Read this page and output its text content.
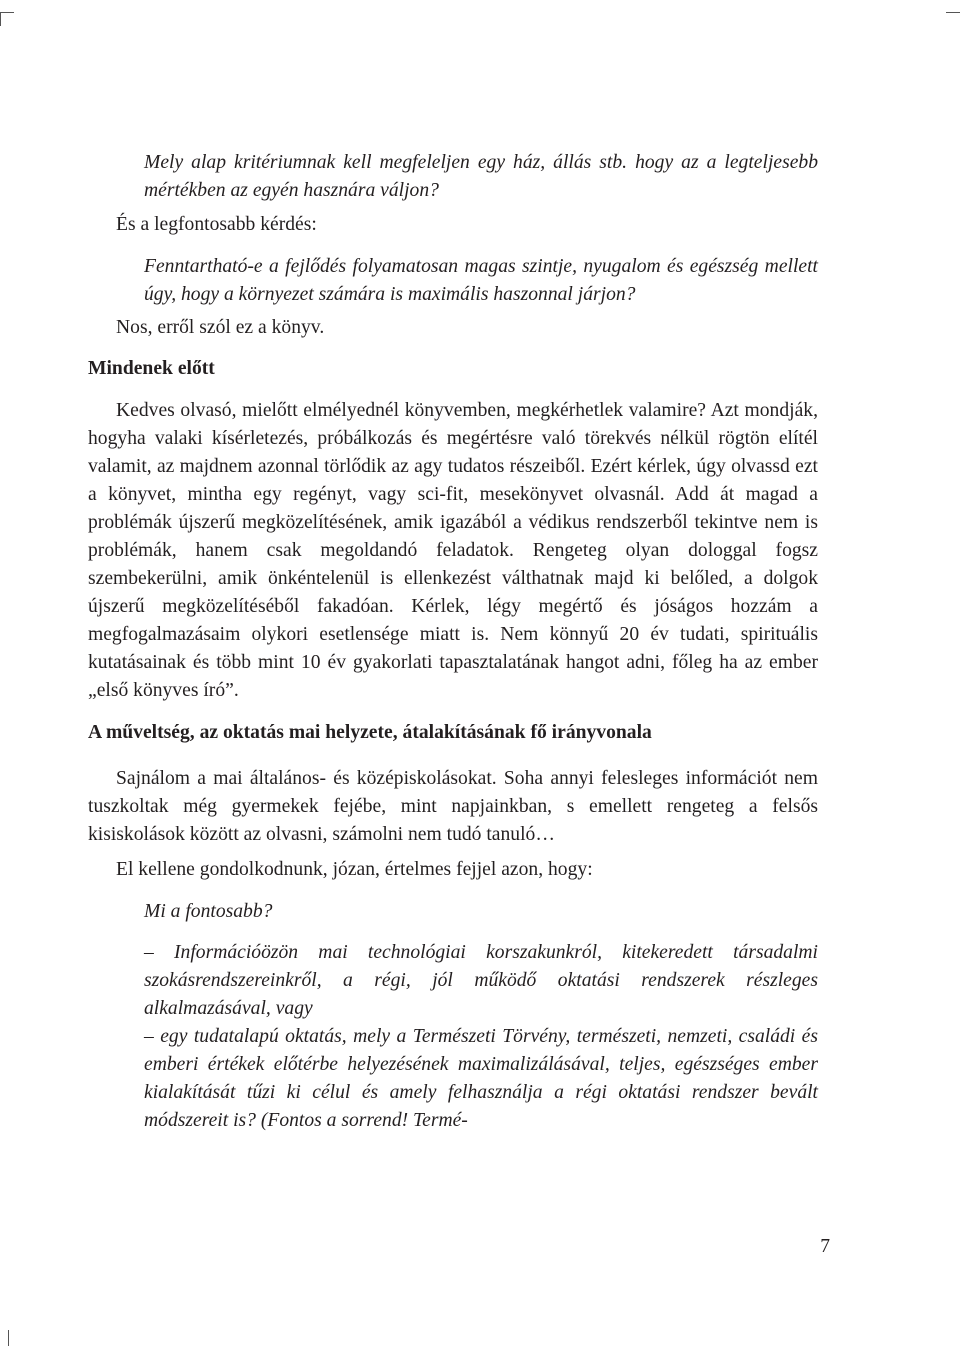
Mely alap kritériumnak kell megfeleljen egy ház, állás stb. hogy az a legteljesebb mértékben az egyén hasznára váljon?

És a legfontosabb kérdés:

Fenntartható-e a fejlődés folyamatosan magas szintje, nyugalom és egészség mellett úgy, hogy a környezet számára is maximális haszonnal járjon?

Nos, erről szól ez a könyv.

Mindenek előtt

Kedves olvasó, mielőtt elmélyednél könyvemben, megkérhetlek valamire? Azt mondják, hogyha valaki kísérletezés, próbálkozás és megértésre való törekvés nélkül rögtön elítél valamit, az majdnem azonnal törlődik az agy tudatos részeiből. Ezért kérlek, úgy olvassd ezt a könyvet, mintha egy regényt, vagy sci-fit, mesekönyvet olvasnál. Add át magad a problémák újszerű megközelítésének, amik igazából a védikus rendszerből tekintve nem is problémák, hanem csak megoldandó feladatok. Rengeteg olyan dologgal fogsz szembekerülni, amik önkéntelenül is ellenkezést válthatnak majd ki belőled, a dolgok újszerű megközelítéséből fakadóan. Kérlek, légy megértő és jóságos hozzám a megfogalmazásaim olykori esetlensége miatt is. Nem könnyű 20 év tudati, spirituális kutatásainak és több mint 10 év gyakorlati tapasztalatának hangot adni, főleg ha az ember „első könyves író”.

A műveltség, az oktatás mai helyzete, átalakításának fő irányvonala

Sajnálom a mai általános- és középiskolásokat. Soha annyi felesleges információt nem tuszkoltak még gyermekek fejébe, mint napjainkban, s emellett rengeteg a felsős kisiskolások között az olvasni, számolni nem tudó tanuló…

El kellene gondolkodnunk, józan, értelmes fejjel azon, hogy:

Mi a fontosabb?

– Információözön mai technológiai korszakunkról, kitekeredett társadalmi szokásrendszereinkről, a régi, jól működő oktatási rendszerek részleges alkalmazásával, vagy

– egy tudatalapú oktatás, mely a Természeti Törvény, természeti, nemzeti, családi és emberi értékek előtérbe helyezésének maximalizálásával, teljes, egészséges ember kialakítását tűzi ki célul és amely felhasználja a régi oktatási rendszer bevált módszereit is? (Fontos a sorrend! Termé-

7
